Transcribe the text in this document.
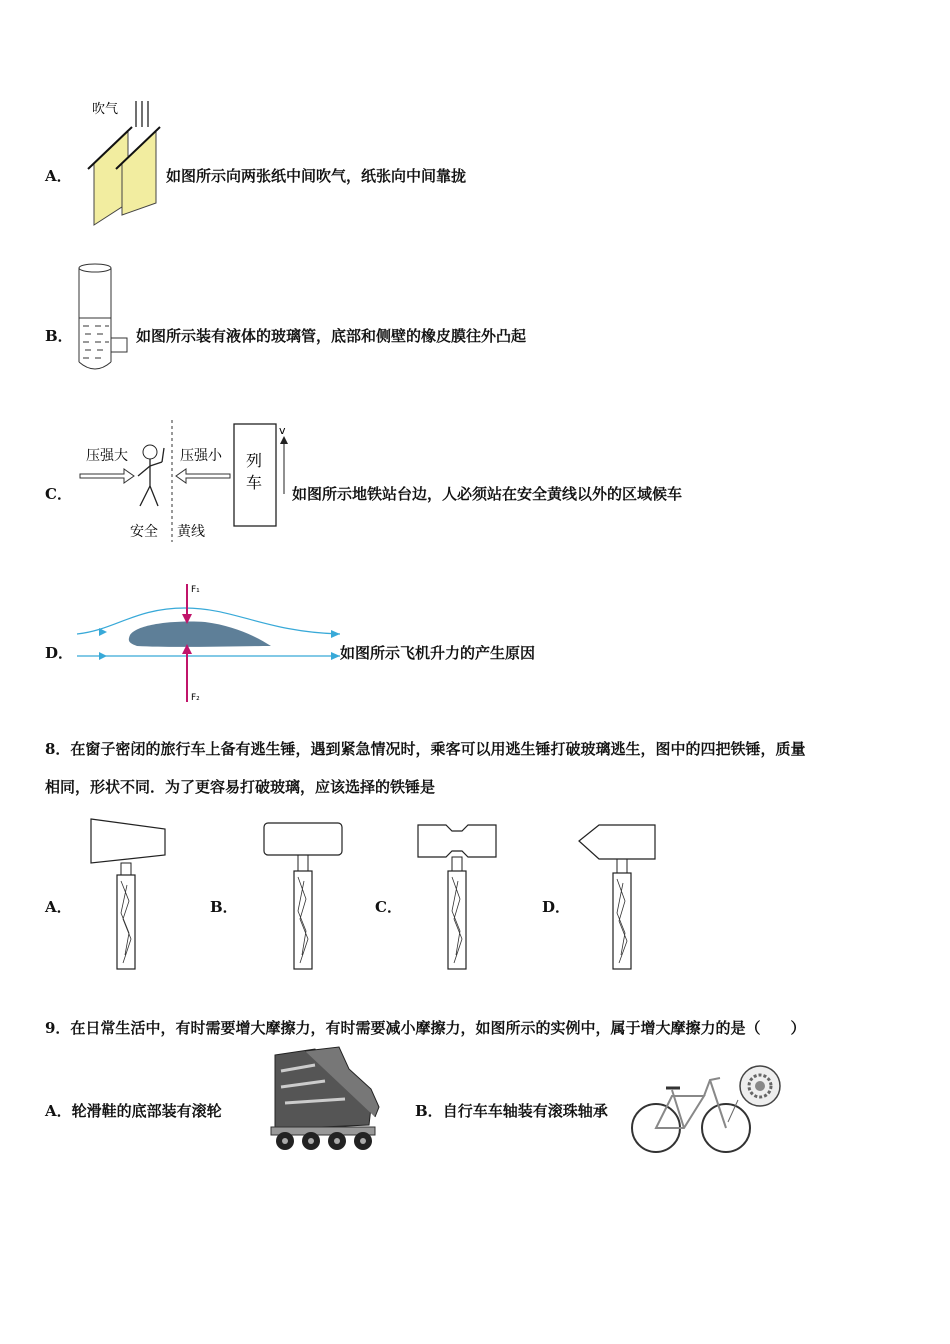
A．
吹气
如图所示向两张纸中间吹气，纸张向中间靠拢
B．	如图所示装有液体的玻璃管，底部和侧壁的橡皮膜往外凸起
C．
压强大	压强小 列
车
v
安全 黄线
如图所示地铁站台边，人必须站在安全黄线以外的区域候车
D．
F₁
F₂
如图所示飞机升力的产生原因
8．在窗子密闭的旅行车上备有逃生锤，遇到紧急情况时，乘客可以用逃生锤打破玻璃逃生，图中的四把铁锤，质量
相同，形状不同．为了更容易打破玻璃，应该选择的铁锤是
A．	B．	C．	D．
9．在日常生活中，有时需要增大摩擦力，有时需要减小摩擦力，如图所示的实例中，属于增大摩擦力的是（　　）
A．轮滑鞋的底部装有滚轮	B．自行车车轴装有滚珠轴承
